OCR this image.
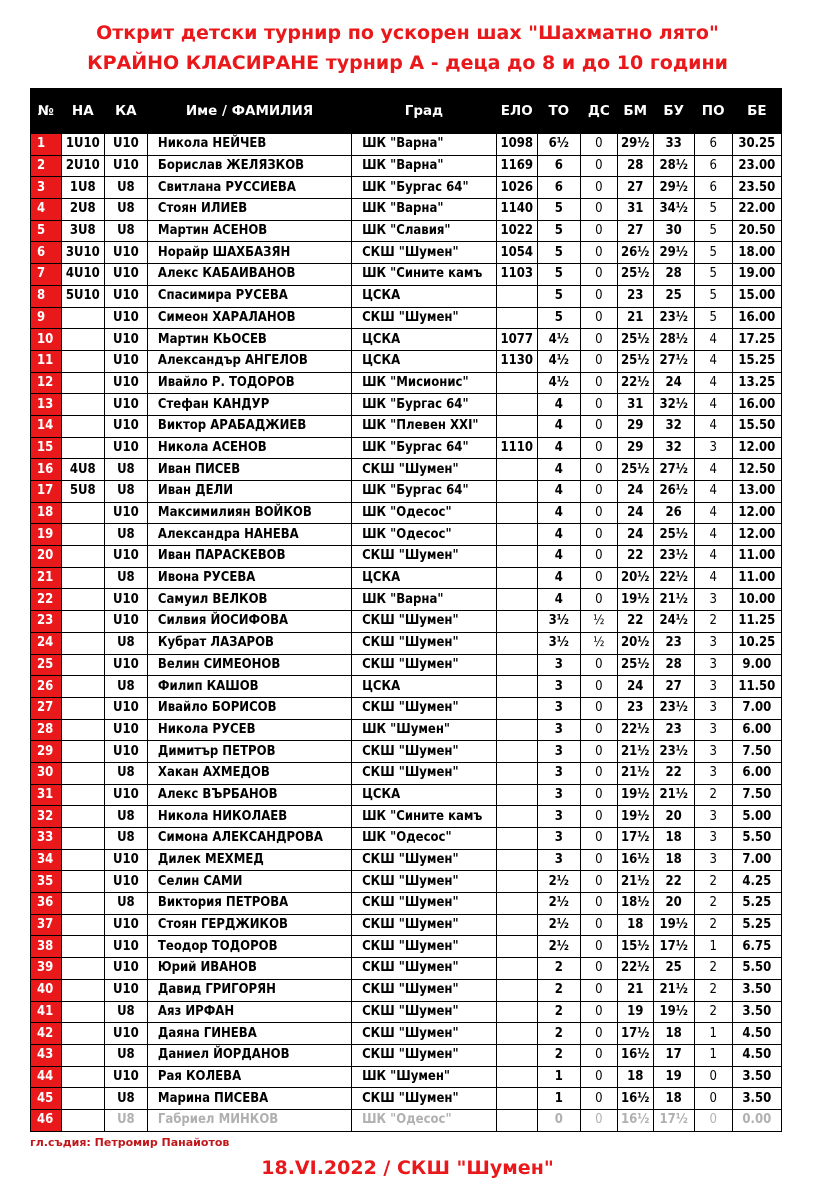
Открит детски турнир по ускорен шах "Шахматно лято"
КРАЙНО КЛАСИРАНЕ турнир А - деца до 8 и до 10 години
№	НА	КА	Име / ФАМИЛИЯ	Град	ЕЛО	ТО	ДС	БМ	БУ	ПО	БЕ
1	1U10	U10	Никола НЕЙЧЕВ	ШК "Варна"	1098	6½	0	29½	33	6	30.25
2	2U10	U10	Борислав ЖЕЛЯЗКОВ	ШК "Варна"	1169	6	0	28	28½	6	23.00
3	1U8	U8	Свитлана РУССИЕВА	ШК "Бургас 64"	1026	6	0	27	29½	6	23.50
4	2U8	U8	Стоян ИЛИЕВ	ШК "Варна"	1140	5	0	31	34½	5	22.00
5	3U8	U8	Мартин АСЕНОВ	ШК "Славия"	1022	5	0	27	30	5	20.50
6	3U10	U10	Норайр ШАХБАЗЯН	СКШ "Шумен"	1054	5	0	26½	29½	5	18.00
7	4U10	U10	Алекс КАБАИВАНОВ	ШК "Сините камъ	1103	5	0	25½	28	5	19.00
8	5U10	U10	Спасимира РУСЕВА	ЦСКА		5	0	23	25	5	15.00
9		U10	Симеон ХАРАЛАНОВ	СКШ "Шумен"		5	0	21	23½	5	16.00
10		U10	Мартин КЬОСЕВ	ЦСКА	1077	4½	0	25½	28½	4	17.25
11		U10	Александър АНГЕЛОВ	ЦСКА	1130	4½	0	25½	27½	4	15.25
12		U10	Ивайло Р. ТОДОРОВ	ШК "Мисионис"		4½	0	22½	24	4	13.25
13		U10	Стефан КАНДУР	ШК "Бургас 64"		4	0	31	32½	4	16.00
14		U10	Виктор АРАБАДЖИЕВ	ШК "Плевен XXI"		4	0	29	32	4	15.50
15		U10	Никола АСЕНОВ	ШК "Бургас 64"	1110	4	0	29	32	3	12.00
16	4U8	U8	Иван ПИСЕВ	СКШ "Шумен"		4	0	25½	27½	4	12.50
17	5U8	U8	Иван ДЕЛИ	ШК "Бургас 64"		4	0	24	26½	4	13.00
18		U10	Максимилиян ВОЙКОВ	ШК "Одесос"		4	0	24	26	4	12.00
19		U8	Александра НАНЕВА	ШК "Одесос"		4	0	24	25½	4	12.00
20		U10	Иван ПАРАСКЕВОВ	СКШ "Шумен"		4	0	22	23½	4	11.00
21		U8	Ивона РУСЕВА	ЦСКА		4	0	20½	22½	4	11.00
22		U10	Самуил ВЕЛКОВ	ШК "Варна"		4	0	19½	21½	3	10.00
23		U10	Силвия ЙОСИФОВА	СКШ "Шумен"		3½	½	22	24½	2	11.25
24		U8	Кубрат ЛАЗАРОВ	СКШ "Шумен"		3½	½	20½	23	3	10.25
25		U10	Велин СИМЕОНОВ	СКШ "Шумен"		3	0	25½	28	3	9.00
26		U8	Филип КАШОВ	ЦСКА		3	0	24	27	3	11.50
27		U10	Ивайло БОРИСОВ	СКШ "Шумен"		3	0	23	23½	3	7.00
28		U10	Никола РУСЕВ	ШК "Шумен"		3	0	22½	23	3	6.00
29		U10	Димитър ПЕТРОВ	СКШ "Шумен"		3	0	21½	23½	3	7.50
30		U8	Хакан АХМЕДОВ	СКШ "Шумен"		3	0	21½	22	3	6.00
31		U10	Алекс ВЪРБАНОВ	ЦСКА		3	0	19½	21½	2	7.50
32		U8	Никола НИКОЛАЕВ	ШК "Сините камъ		3	0	19½	20	3	5.00
33		U8	Симона АЛЕКСАНДРОВА	ШК "Одесос"		3	0	17½	18	3	5.50
34		U10	Дилек МЕХМЕД	СКШ "Шумен"		3	0	16½	18	3	7.00
35		U10	Селин САМИ	СКШ "Шумен"		2½	0	21½	22	2	4.25
36		U8	Виктория ПЕТРОВА	СКШ "Шумен"		2½	0	18½	20	2	5.25
37		U10	Стоян ГЕРДЖИКОВ	СКШ "Шумен"		2½	0	18	19½	2	5.25
38		U10	Теодор ТОДОРОВ	СКШ "Шумен"		2½	0	15½	17½	1	6.75
39		U10	Юрий ИВАНОВ	СКШ "Шумен"		2	0	22½	25	2	5.50
40		U10	Давид ГРИГОРЯН	СКШ "Шумен"		2	0	21	21½	2	3.50
41		U8	Аяз ИРФАН	СКШ "Шумен"		2	0	19	19½	2	3.50
42		U10	Даяна ГИНЕВА	СКШ "Шумен"		2	0	17½	18	1	4.50
43		U8	Даниел ЙОРДАНОВ	СКШ "Шумен"		2	0	16½	17	1	4.50
44		U10	Рая КОЛЕВА	ШК "Шумен"		1	0	18	19	0	3.50
45		U8	Марина ПИСЕВА	СКШ "Шумен"		1	0	16½	18	0	3.50
46		U8	Габриел МИНКОВ	ШК "Одесос"		0	0	16½	17½	0	0.00
гл.съдия: Петромир Панайотов
18.VI.2022 / СКШ "Шумен"
